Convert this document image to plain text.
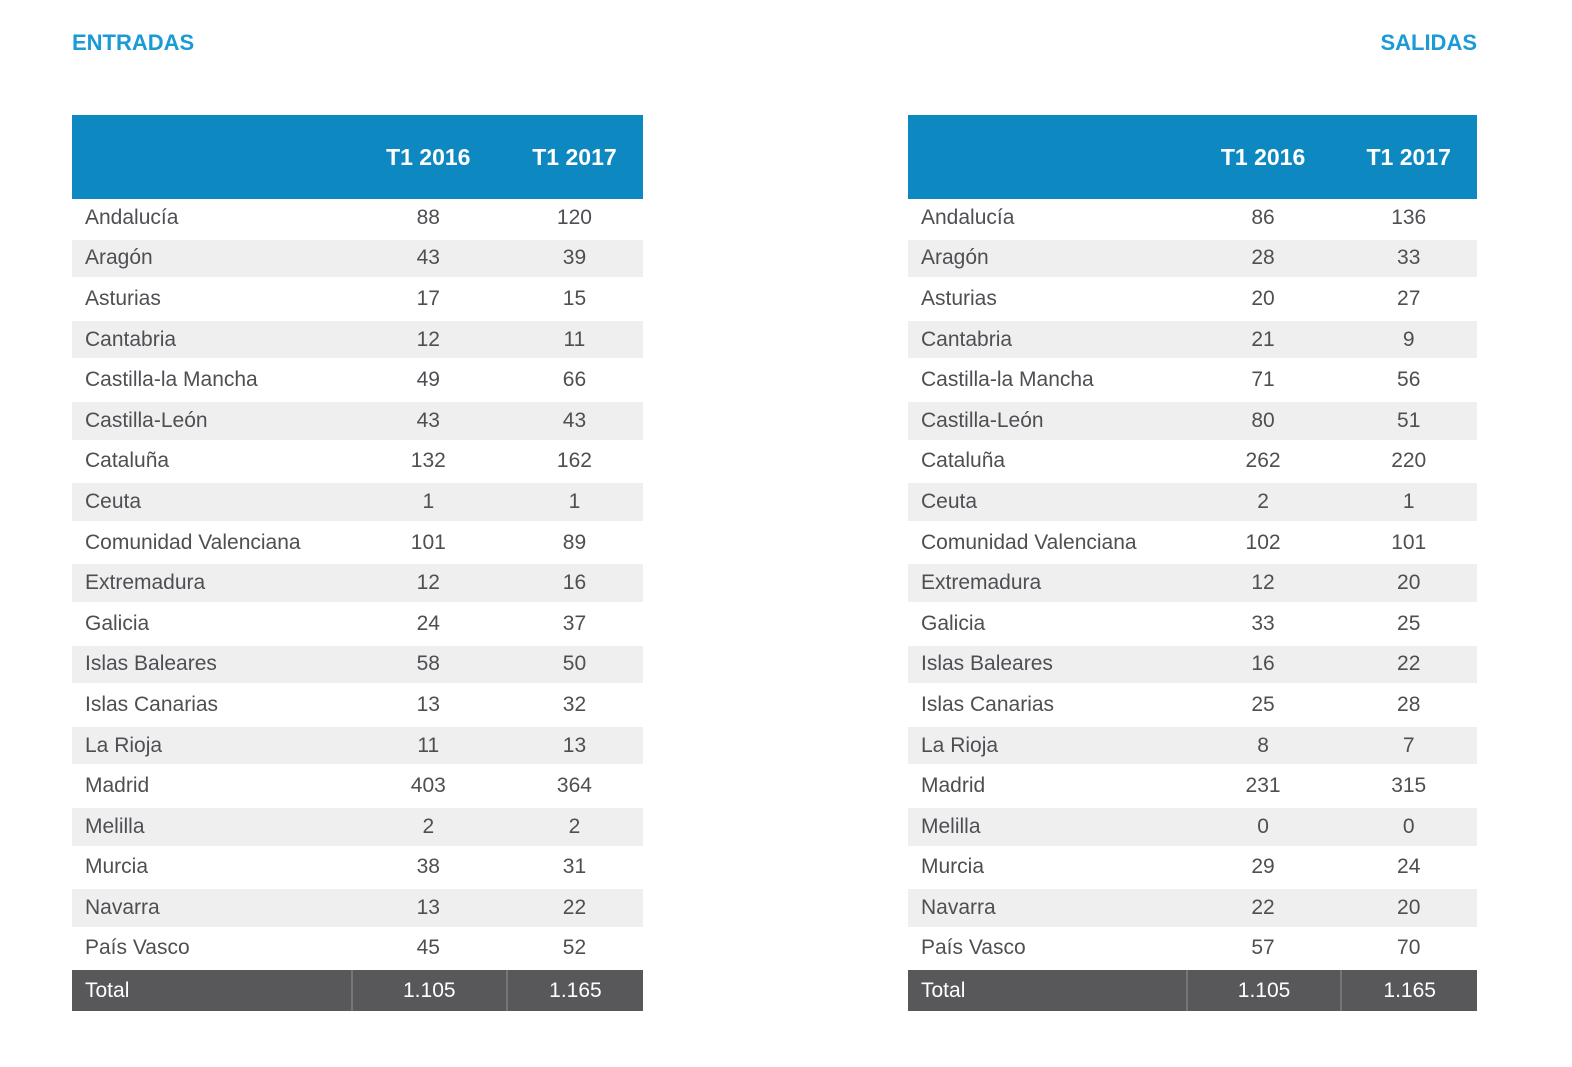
ENTRADAS
T1 2016	T1 2017
Andalucía	88	120
Aragón	43	39
Asturias	17	15
Cantabria	12	11
Castilla-la Mancha	49	66
Castilla-León	43	43
Cataluña	132	162
Ceuta	1	1
Comunidad Valenciana	101	89
Extremadura	12	16
Galicia	24	37
Islas Baleares	58	50
Islas Canarias	13	32
La Rioja	11	13
Madrid	403	364
Melilla	2	2
Murcia	38	31
Navarra	13	22
País Vasco	45	52
Total	1.105	1.165
SALIDAS
T1 2016	T1 2017
Andalucía	86	136
Aragón	28	33
Asturias	20	27
Cantabria	21	9
Castilla-la Mancha	71	56
Castilla-León	80	51
Cataluña	262	220
Ceuta	2	1
Comunidad Valenciana	102	101
Extremadura	12	20
Galicia	33	25
Islas Baleares	16	22
Islas Canarias	25	28
La Rioja	8	7
Madrid	231	315
Melilla	0	0
Murcia	29	24
Navarra	22	20
País Vasco	57	70
Total	1.105	1.165
